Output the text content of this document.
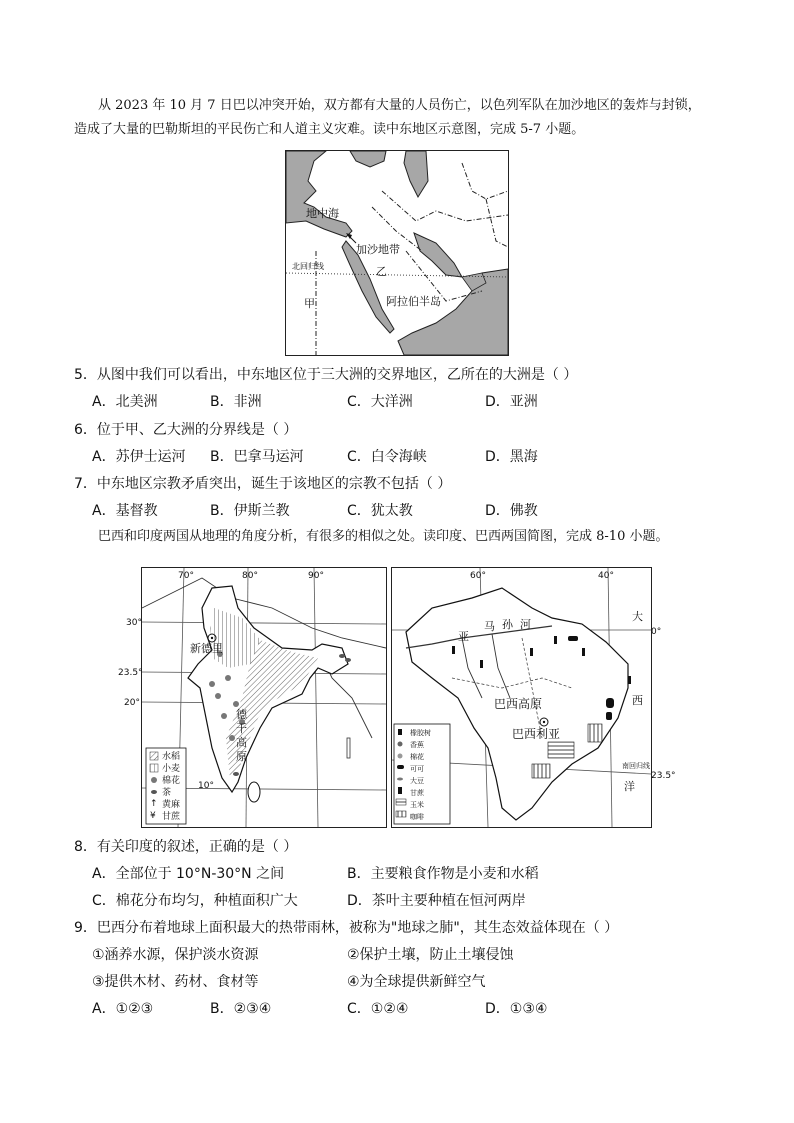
从 2023 年 10 月 7 日巴以冲突开始，双方都有大量的人员伤亡，以色列军队在加沙地区的轰炸与封锁，
造成了大量的巴勒斯坦的平民伤亡和人道主义灾难。读中东地区示意图，完成 5-7 小题。
地中海
加沙地带
北回归线	乙
甲	阿拉伯半岛
5．从图中我们可以看出，中东地区位于三大洲的交界地区，乙所在的大洲是（ ）
A．北美洲	B．非洲	C．大洋洲	D．亚洲
6．位于甲、乙大洲的分界线是（ ）
A．苏伊士运河 B．巴拿马运河	C．白令海峡	D．黑海
7．中东地区宗教矛盾突出，诞生于该地区的宗教不包括（ ）
A．基督教	B．伊斯兰教	C．犹太教	D．佛教
巴西和印度两国从地理的角度分析，有很多的相似之处。读印度、巴西两国简图，完成 8-10 小题。
70°	80°	90°
30°
23.5°
20°
10°
新德里
德
干
高
原
↑
¥
水稻
小麦
棉花
茶
黄麻
甘蔗
60°	40°
0°
23.5°
南回归线
亚
马 孙 河
巴西高原
巴西利亚
大
西
洋
橡胶树
香蕉
棉花
可可
大豆
甘蔗
玉米
咖啡
8．有关印度的叙述，正确的是（ ）
A．全部位于 10°N-30°N 之间	B．主要粮食作物是小麦和水稻
C．棉花分布均匀，种植面积广大	D．茶叶主要种植在恒河两岸
9．巴西分布着地球上面积最大的热带雨林，被称为"地球之肺"，其生态效益体现在（ ）
①涵养水源，保护淡水资源	②保护土壤，防止土壤侵蚀
③提供木材、药材、食材等	④为全球提供新鲜空气
A．①②③	B．②③④	C．①②④	D．①③④
